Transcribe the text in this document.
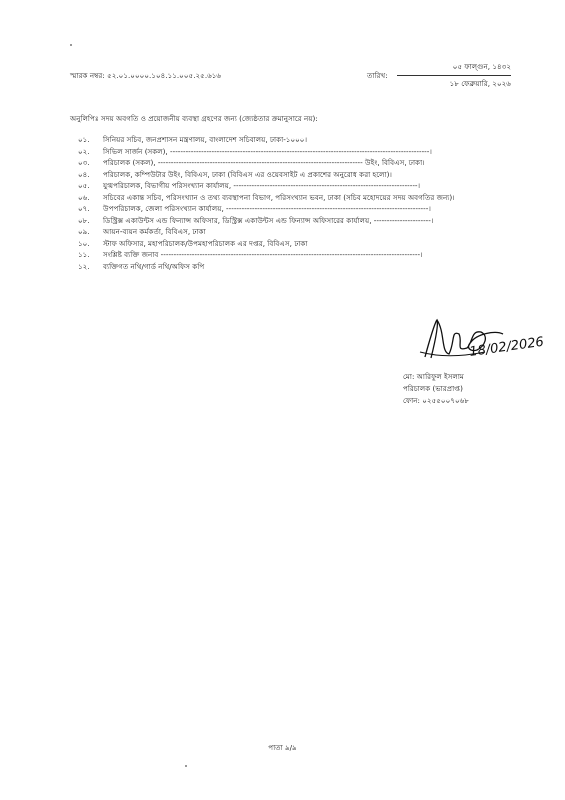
স্মারক নম্বর: ৫২.০১.০০০০.১০৪.১১.০০৫.২৫.৬১৬	তারিখ:
০৫ ফাল্গুন, ১৪৩২
১৮ ফেব্রুয়ারি, ২০২৬
অনুলিপিঃ সদয় অবগতি ও প্রয়োজনীয় ব্যবস্থা গ্রহণের জন্য (জ্যেষ্ঠতার ক্রমানুসারে নয়):
০১. সিনিয়র সচিব, জনপ্রশাসন মন্ত্রণালয়, বাংলাদেশ সচিবালয়, ঢাকা-১০০০।
০২. সিভিল সার্জন (সকল), ----------------------------------------------------------------------------------------------------।
০৩. পরিচালক (সকল), ------------------------------------------------------------------------------- উইং, বিবিএস, ঢাকা।
০৪. পরিচালক, কম্পিউটার উইং, বিবিএস, ঢাকা (বিবিএস এর ওয়েবসাইট এ প্রকাশের অনুরোধ করা হলো)।
০৫. যুগ্মপরিচালক, বিভাগীয় পরিসংখ্যান কার্যালয়, -----------------------------------------------------------------------।
০৬. সচিবের একান্ত সচিব, পরিসংখ্যান ও তথ্য ব্যবস্থাপনা বিভাগ, পরিসংখ্যান ভবন, ঢাকা (সচিব মহোদয়ের সদয় অবগতির জন্য)।
০৭. উপপরিচালক, জেলা পরিসংখ্যান কার্যালয়, ------------------------------------------------------------------------------।
০৮. ডিস্ট্রিক্স একাউন্টস এন্ড ফিন্যান্স অফিসার, ডিস্ট্রিক্স একাউন্টস এন্ড ফিন্যান্স অফিসারের কার্যালয়, ----------------------।
০৯. আয়ন-ব্যয়ন কর্মকর্তা, বিবিএস, ঢাকা
১০. স্টাফ অফিসার, মহাপরিচালক/উপমহাপরিচালক এর দপ্তর, বিবিএস, ঢাকা
১১. সংশ্লিষ্ট ব্যক্তি জনাব ----------------------------------------------------------------------------------------------------।
১২. ব্যক্তিগত নথি/গার্ড নথি/অফিস কপি
18/02/2026
মো: আরিফুল ইসলাম
পরিচালক (ভারপ্রাপ্ত)
ফোন: ০২৫৫০০৭০৬৮
পাতা ৯/৯
